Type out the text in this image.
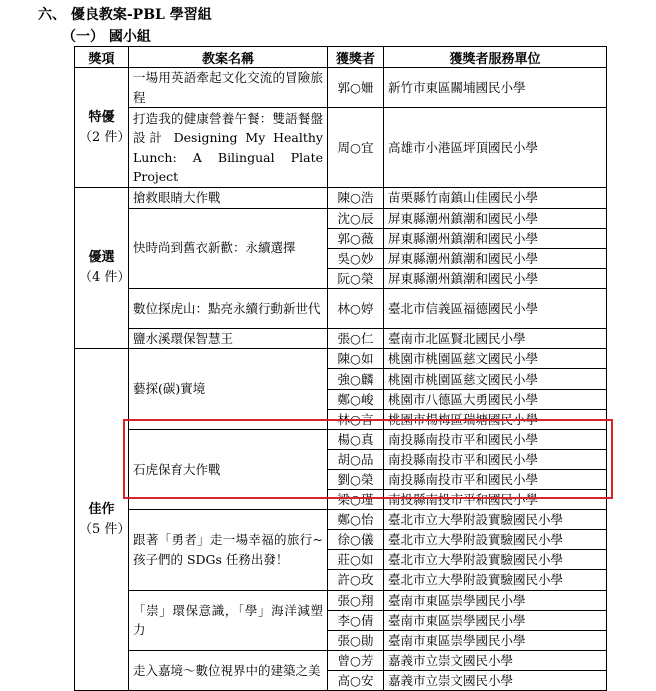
六、 優良教案-PBL 學習組
（一） 國小組
獎項	教案名稱	獲獎者	獲獎者服務單位
特優
（2 件）	一場用英語牽起文化交流的冒險旅程	郭○姍	新竹市東區關埔國民小學
	打造我的健康營養午餐：雙語餐盤設計 Designing My Healthy Lunch: A Bilingual Plate Project	周○宜	高雄市小港區坪頂國民小學
優選
（4 件）	搶救眼睛大作戰	陳○浩	苗栗縣竹南鎮山佳國民小學
	快時尚到舊衣新歡：永續選擇	沈○辰	屏東縣潮州鎮潮和國民小學
		郭○薇	屏東縣潮州鎮潮和國民小學
		吳○妙	屏東縣潮州鎮潮和國民小學
		阮○榮	屏東縣潮州鎮潮和國民小學
	數位探虎山：點亮永續行動新世代	林○婷	臺北市信義區福德國民小學
	鹽水溪環保智慧王	張○仁	臺南市北區賢北國民小學
佳作
（5 件）	藝探(碳)實境	陳○如	桃園市桃園區慈文國民小學
		強○麟	桃園市桃園區慈文國民小學
		鄭○峻	桃園市八德區大勇國民小學
		林○言	桃園市楊梅區瑞塘國民小學
	石虎保育大作戰	楊○真	南投縣南投市平和國民小學
		胡○品	南投縣南投市平和國民小學
		劉○榮	南投縣南投市平和國民小學
		梁○瑾	南投縣南投市平和國民小學
	跟著「勇者」走一場幸福的旅行~孩子們的 SDGs 任務出發！	鄭○怡	臺北市立大學附設實驗國民小學
		徐○儀	臺北市立大學附設實驗國民小學
		莊○如	臺北市立大學附設實驗國民小學
		許○玫	臺北市立大學附設實驗國民小學
	「崇」環保意識，「學」海洋減塑力	張○翔	臺南市東區崇學國民小學
		李○倩	臺南市東區崇學國民小學
		張○勛	臺南市東區崇學國民小學
	走入嘉境～數位視界中的建築之美	曾○芳	嘉義市立崇文國民小學
		高○安	嘉義市立崇文國民小學
